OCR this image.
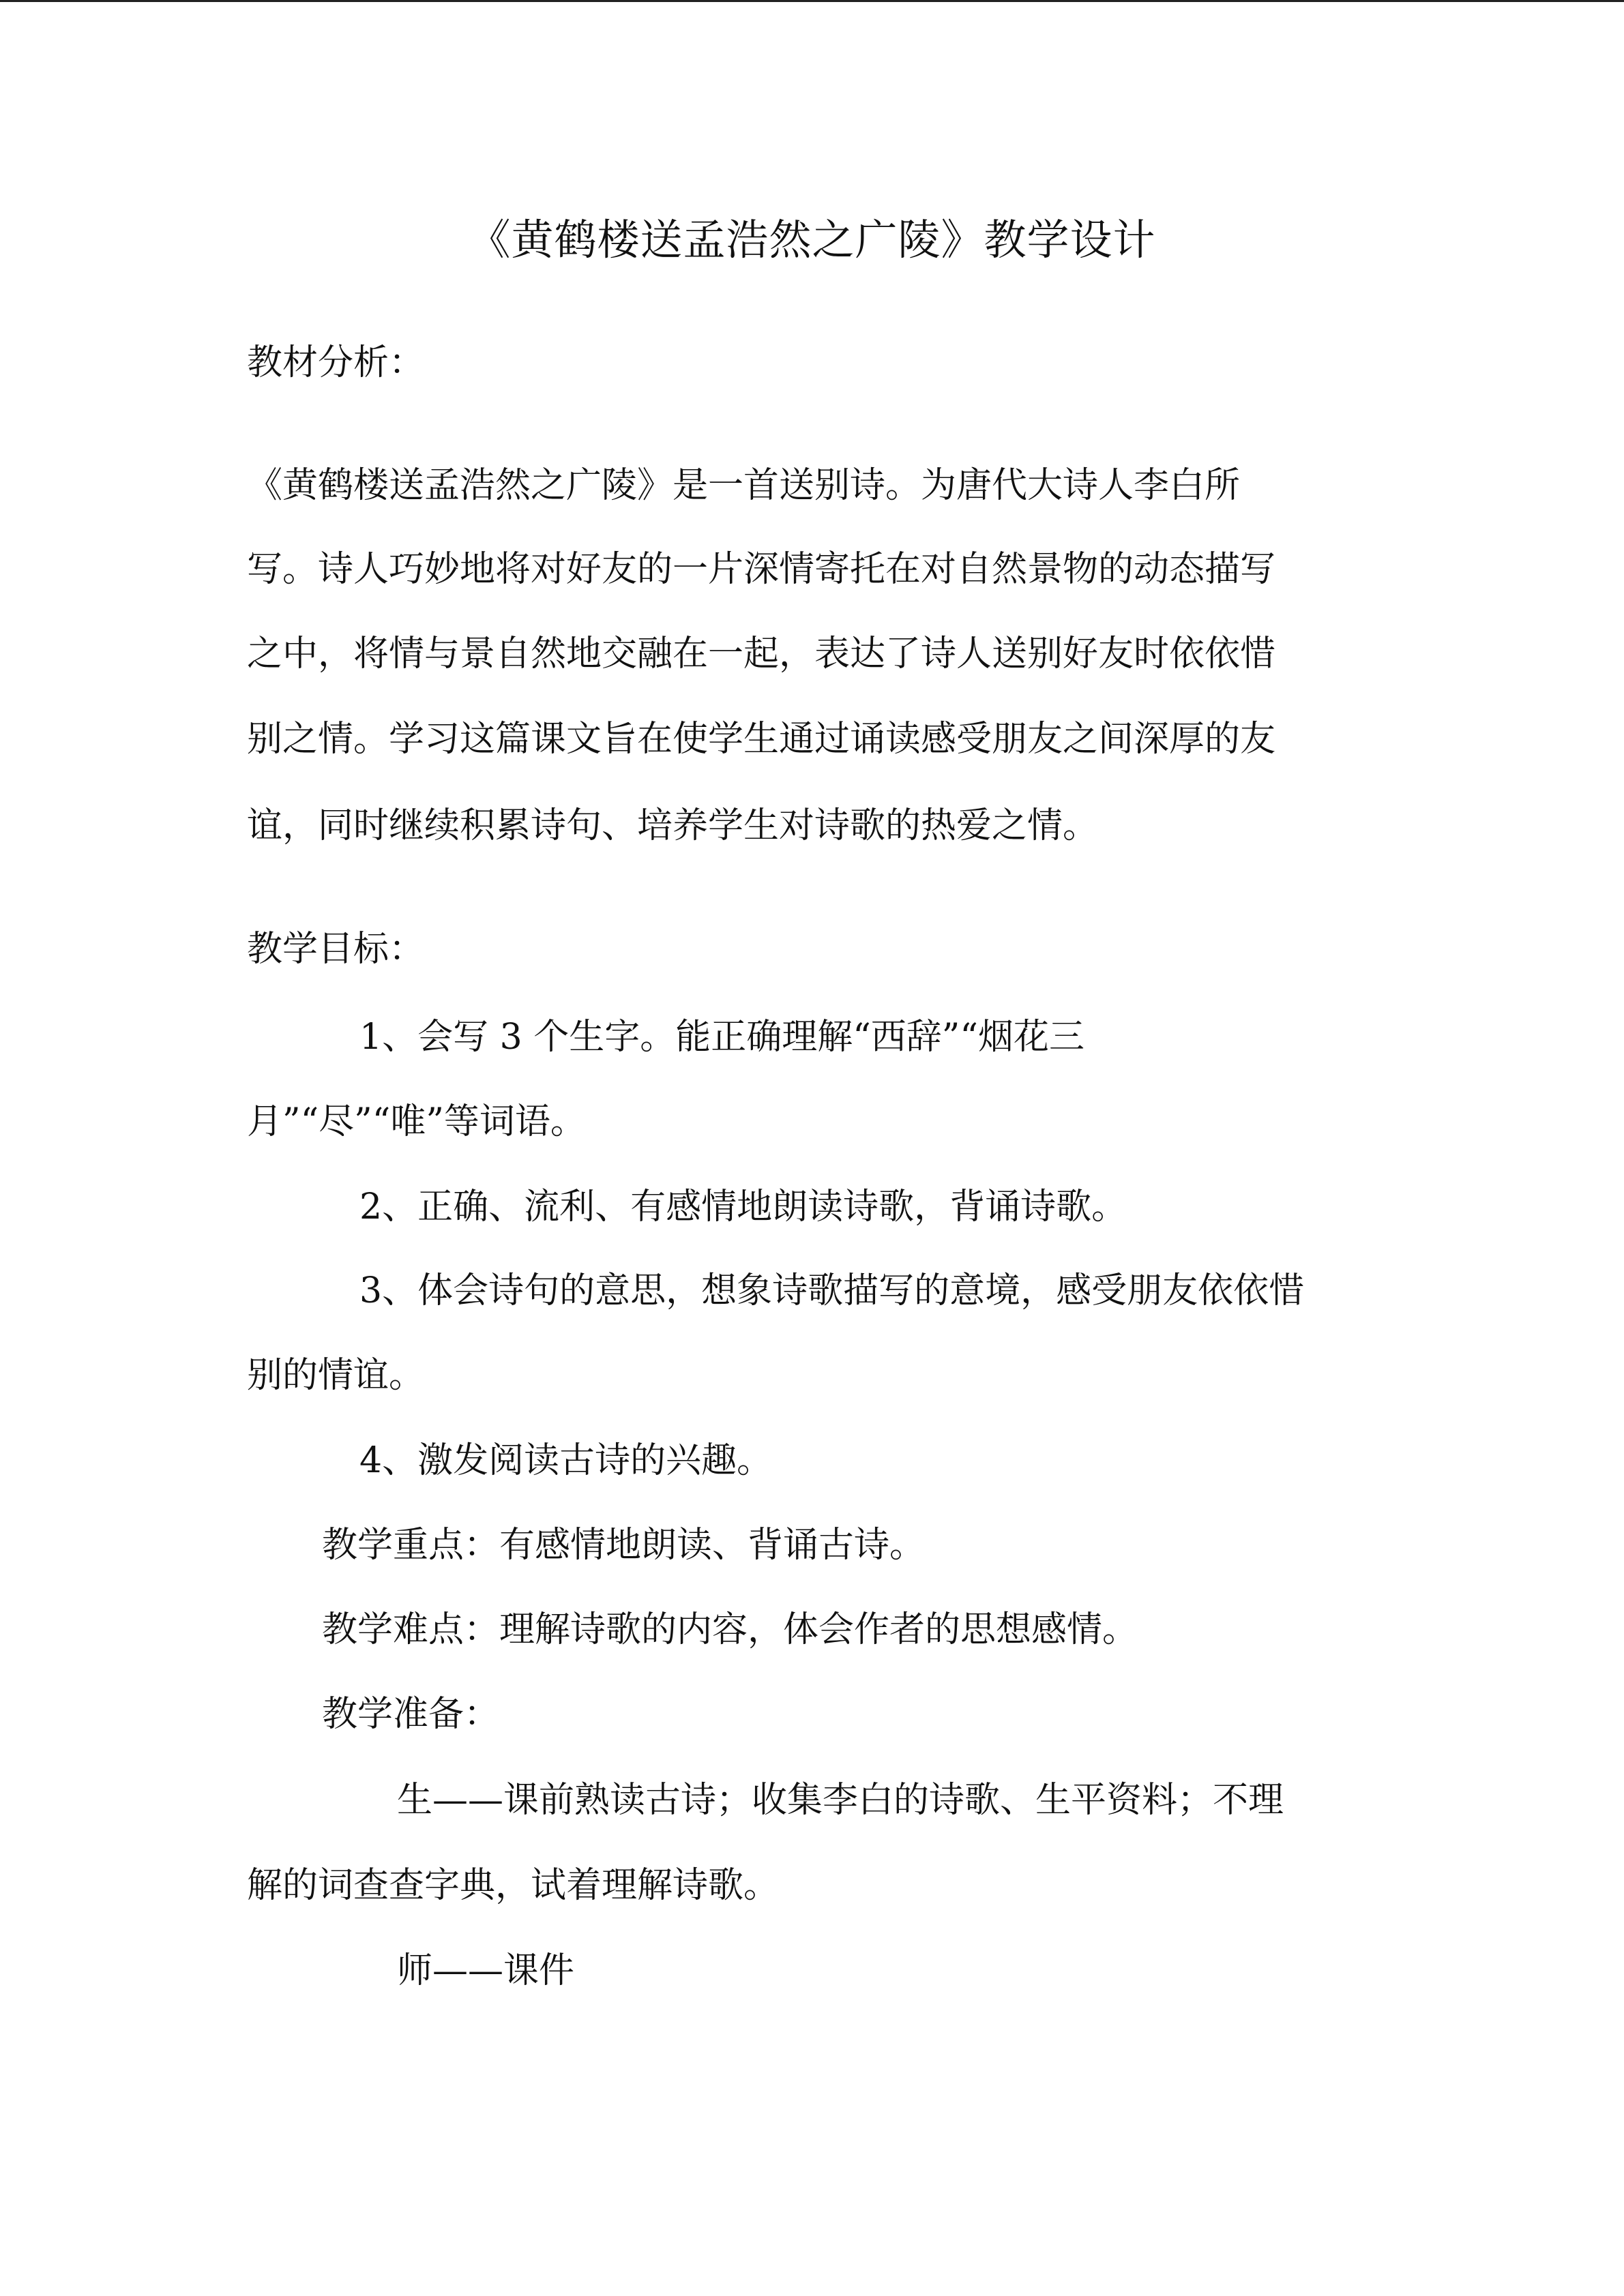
《黄鹤楼送孟浩然之广陵》教学设计
教材分析：
《黄鹤楼送孟浩然之广陵》是一首送别诗。为唐代大诗人李白所
写。诗人巧妙地将对好友的一片深情寄托在对自然景物的动态描写
之中，将情与景自然地交融在一起，表达了诗人送别好友时依依惜
别之情。学习这篇课文旨在使学生通过诵读感受朋友之间深厚的友
谊，同时继续积累诗句、培养学生对诗歌的热爱之情。
教学目标：
1、会写 3 个生字。能正确理解“西辞”“烟花三
月”“尽”“唯”等词语。
2、正确、流利、有感情地朗读诗歌，背诵诗歌。
3、体会诗句的意思，想象诗歌描写的意境，感受朋友依依惜
别的情谊。
4、激发阅读古诗的兴趣。
教学重点：有感情地朗读、背诵古诗。
教学难点：理解诗歌的内容，体会作者的思想感情。
教学准备：
生——课前熟读古诗；收集李白的诗歌、生平资料；不理
解的词查查字典，试着理解诗歌。
师——课件
